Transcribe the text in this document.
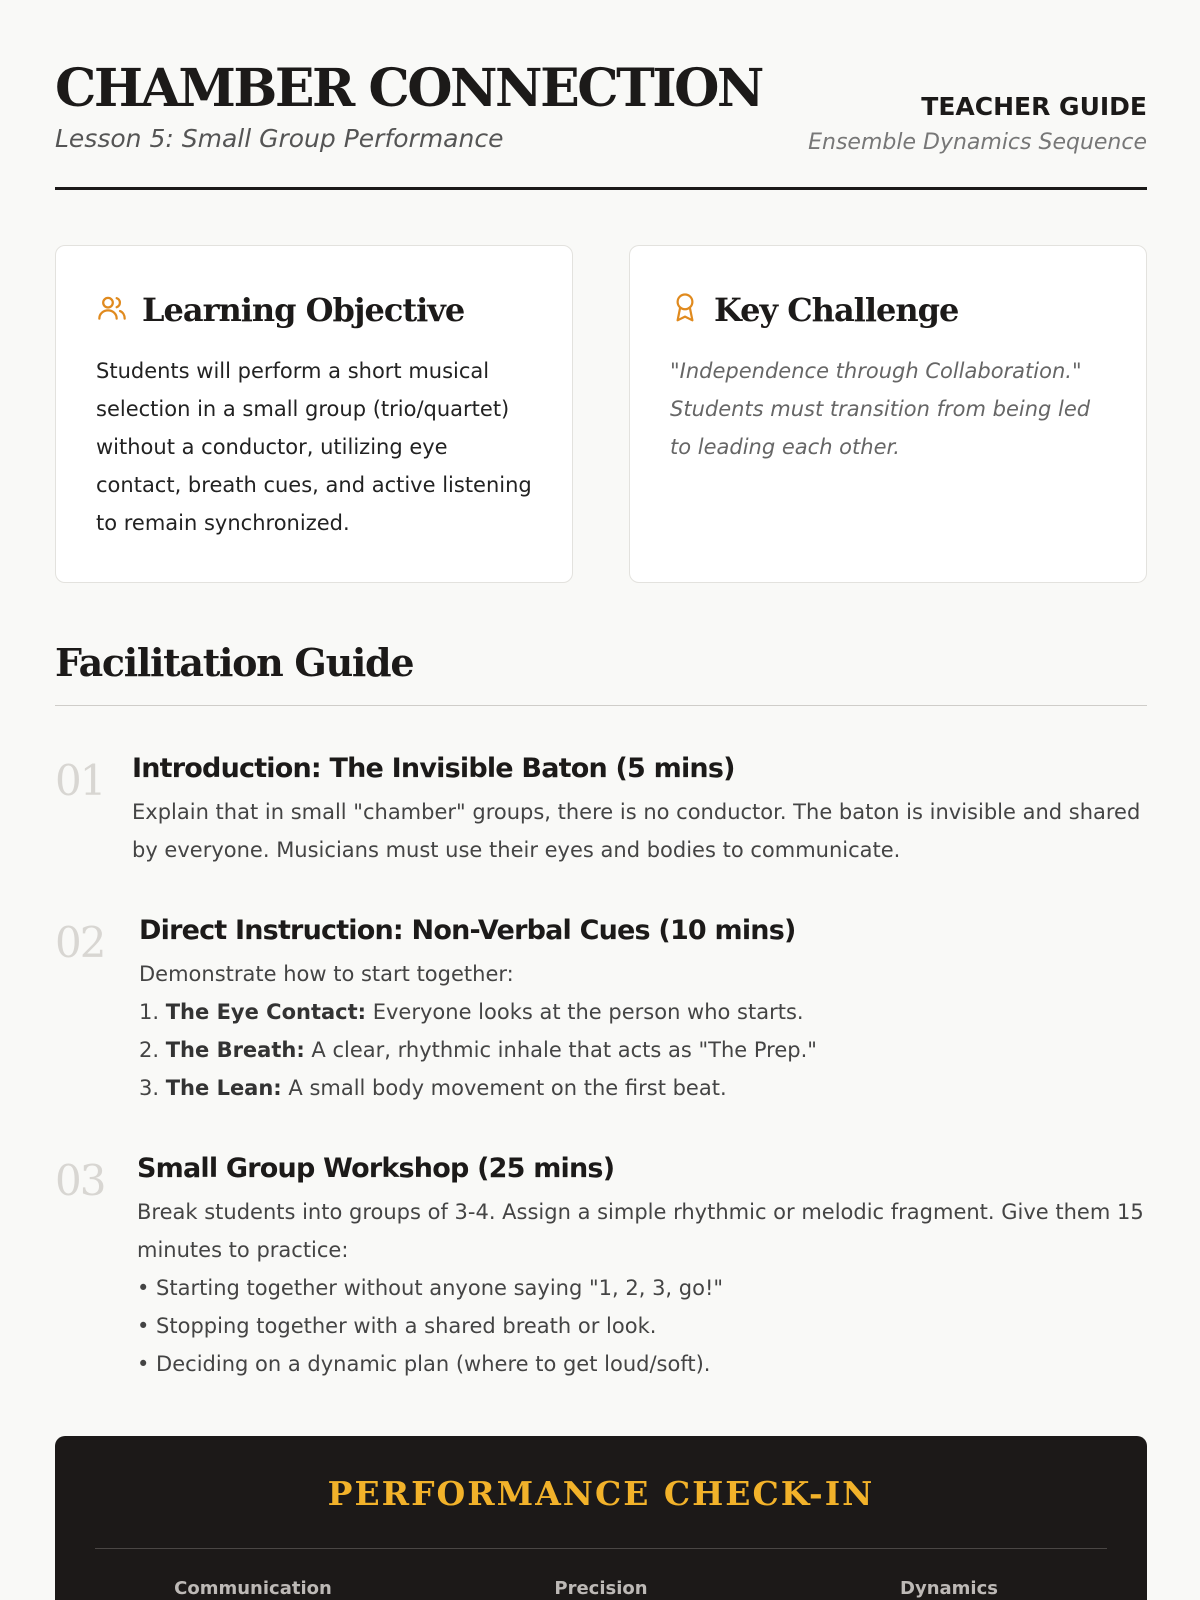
CHAMBER CONNECTION
Lesson 5: Small Group Performance
TEACHER GUIDE
Ensemble Dynamics Sequence
Learning Objective
Students will perform a short musical selection in a small group (trio/quartet) without a conductor, utilizing eye contact, breath cues, and active listening to remain synchronized.
Key Challenge
"Independence through Collaboration." Students must transition from being led to leading each other.
Facilitation Guide
01 Introduction: The Invisible Baton (5 mins)
Explain that in small "chamber" groups, there is no conductor. The baton is invisible and shared by everyone. Musicians must use their eyes and bodies to communicate.
02 Direct Instruction: Non-Verbal Cues (10 mins)
Demonstrate how to start together:
1. The Eye Contact: Everyone looks at the person who starts.
2. The Breath: A clear, rhythmic inhale that acts as "The Prep."
3. The Lean: A small body movement on the first beat.
03 Small Group Workshop (25 mins)
Break students into groups of 3-4. Assign a simple rhythmic or melodic fragment. Give them 15 minutes to practice:
• Starting together without anyone saying "1, 2, 3, go!"
• Stopping together with a shared breath or look.
• Deciding on a dynamic plan (where to get loud/soft).
PERFORMANCE CHECK-IN
Communication	Precision	Dynamics
